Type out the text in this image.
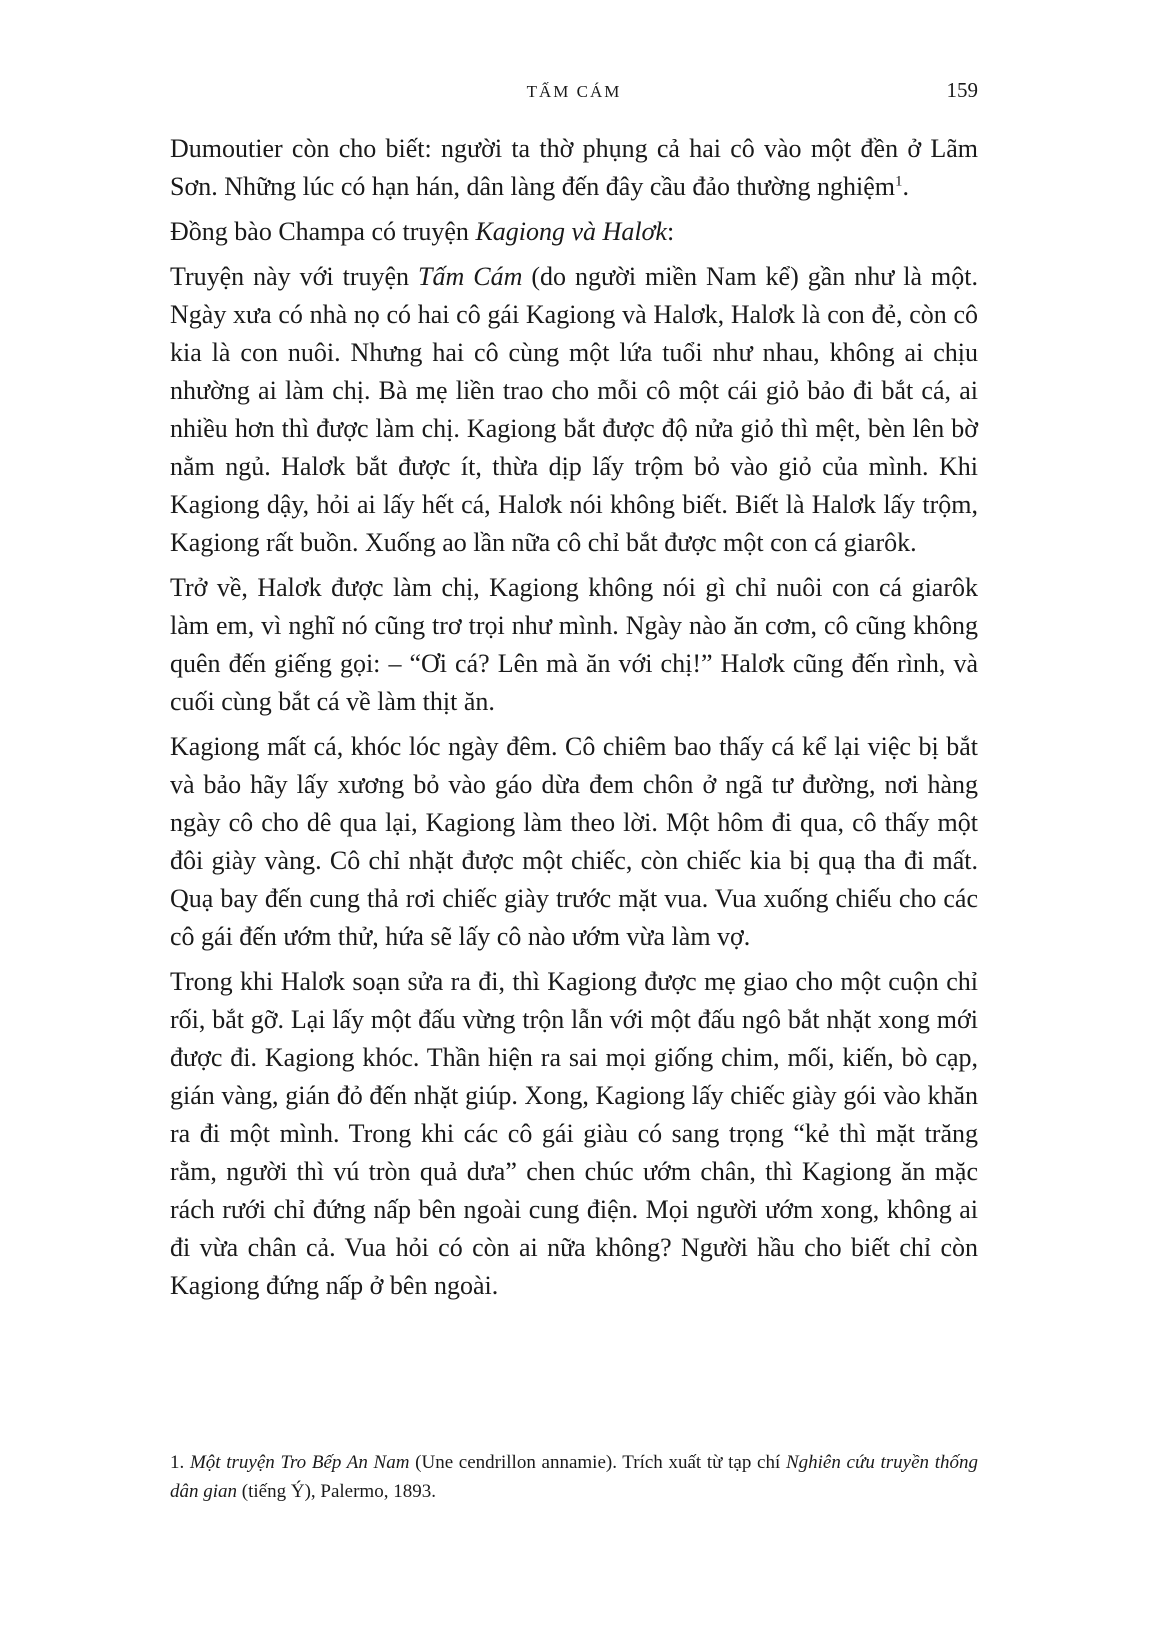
TẤM CÁM	159

Dumoutier còn cho biết: người ta thờ phụng cả hai cô vào một đền ở Lãm Sơn. Những lúc có hạn hán, dân làng đến đây cầu đảo thường nghiệm$^1$.

Đồng bào Champa có truyện Kagiong và Halơk:

Truyện này với truyện Tấm Cám (do người miền Nam kể) gần như là một. Ngày xưa có nhà nọ có hai cô gái Kagiong và Halơk, Halơk là con đẻ, còn cô kia là con nuôi. Nhưng hai cô cùng một lứa tuổi như nhau, không ai chịu nhường ai làm chị. Bà mẹ liền trao cho mỗi cô một cái giỏ bảo đi bắt cá, ai nhiều hơn thì được làm chị. Kagiong bắt được độ nửa giỏ thì mệt, bèn lên bờ nằm ngủ. Halơk bắt được ít, thừa dịp lấy trộm bỏ vào giỏ của mình. Khi Kagiong dậy, hỏi ai lấy hết cá, Halơk nói không biết. Biết là Halơk lấy trộm, Kagiong rất buồn. Xuống ao lần nữa cô chỉ bắt được một con cá giarôk.

Trở về, Halơk được làm chị, Kagiong không nói gì chỉ nuôi con cá giarôk làm em, vì nghĩ nó cũng trơ trọi như mình. Ngày nào ăn cơm, cô cũng không quên đến giếng gọi: – “Ơi cá? Lên mà ăn với chị!” Halơk cũng đến rình, và cuối cùng bắt cá về làm thịt ăn.

Kagiong mất cá, khóc lóc ngày đêm. Cô chiêm bao thấy cá kể lại việc bị bắt và bảo hãy lấy xương bỏ vào gáo dừa đem chôn ở ngã tư đường, nơi hàng ngày cô cho dê qua lại, Kagiong làm theo lời. Một hôm đi qua, cô thấy một đôi giày vàng. Cô chỉ nhặt được một chiếc, còn chiếc kia bị quạ tha đi mất. Quạ bay đến cung thả rơi chiếc giày trước mặt vua. Vua xuống chiếu cho các cô gái đến ướm thử, hứa sẽ lấy cô nào ướm vừa làm vợ.

Trong khi Halơk soạn sửa ra đi, thì Kagiong được mẹ giao cho một cuộn chỉ rối, bắt gỡ. Lại lấy một đấu vừng trộn lẫn với một đấu ngô bắt nhặt xong mới được đi. Kagiong khóc. Thần hiện ra sai mọi giống chim, mối, kiến, bò cạp, gián vàng, gián đỏ đến nhặt giúp. Xong, Kagiong lấy chiếc giày gói vào khăn ra đi một mình. Trong khi các cô gái giàu có sang trọng “kẻ thì mặt trăng rằm, người thì vú tròn quả dưa” chen chúc ướm chân, thì Kagiong ăn mặc rách rưới chỉ đứng nấp bên ngoài cung điện. Mọi người ướm xong, không ai đi vừa chân cả. Vua hỏi có còn ai nữa không? Người hầu cho biết chỉ còn Kagiong đứng nấp ở bên ngoài.

1. Một truyện Tro Bếp An Nam (Une cendrillon annamie). Trích xuất từ tạp chí Nghiên cứu truyền thống dân gian (tiếng Ý), Palermo, 1893.
